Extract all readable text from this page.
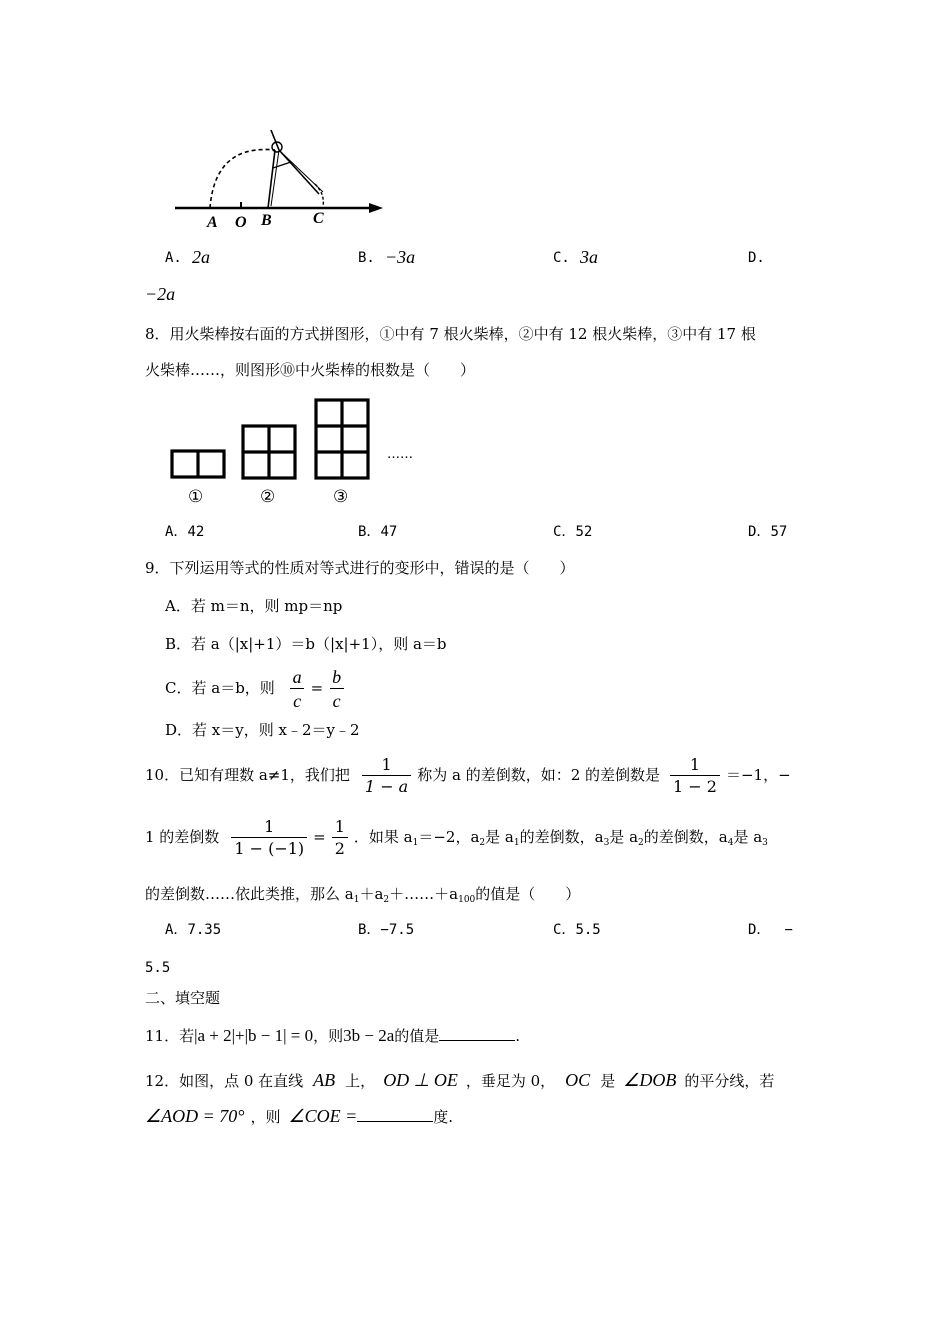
A O B	C
A. 2a	B. −3a	C. 3a	D.
−2a
8．用火柴棒按右面的方式拼图形，①中有 7 根火柴棒，②中有 12 根火柴棒，③中有 17 根
火柴棒……，则图形⑩中火柴棒的根数是（　　）
①	②	③
……
A．42	B．47	C．52	D．57
9．下列运用等式的性质对等式进行的变形中，错误的是（　　）
A．若 m＝n，则 mp＝np
B．若 a（|x|+1）＝b（|x|+1），则 a＝b
C．若 a＝b，则 $\frac{a}{c} = \frac{b}{c}$
D．若 x＝y，则 x﹣2＝y﹣2
10．已知有理数 a≠1，我们把 $\frac{1}{1 - a}$ 称为 a 的差倒数，如：2 的差倒数是 $\frac{1}{1 - 2} =-1$，−
1 的差倒数 $\frac{1}{1 - (-1)} = \frac{1}{2}$ ．如果 $a_1=-2$，$a_2$是 $a_1$的差倒数，$a_3$是 $a_2$的差倒数，$a_4$是 $a_3$
的差倒数……依此类推，那么 $a_1+a_2+\dots\dots+a_{100}$的值是（　　）
A．7.35	B．−7.5	C．5.5	D． −
5.5
二、填空题
11．若|a + 2|+|b − 1| = 0，则3b − 2a的值是	.
12．如图，点 0 在直线 AB 上， OD ⊥ OE ，垂足为 0， OC 是 ∠DOB 的平分线，若
∠AOD = 70° ，则 ∠COE =	度.
